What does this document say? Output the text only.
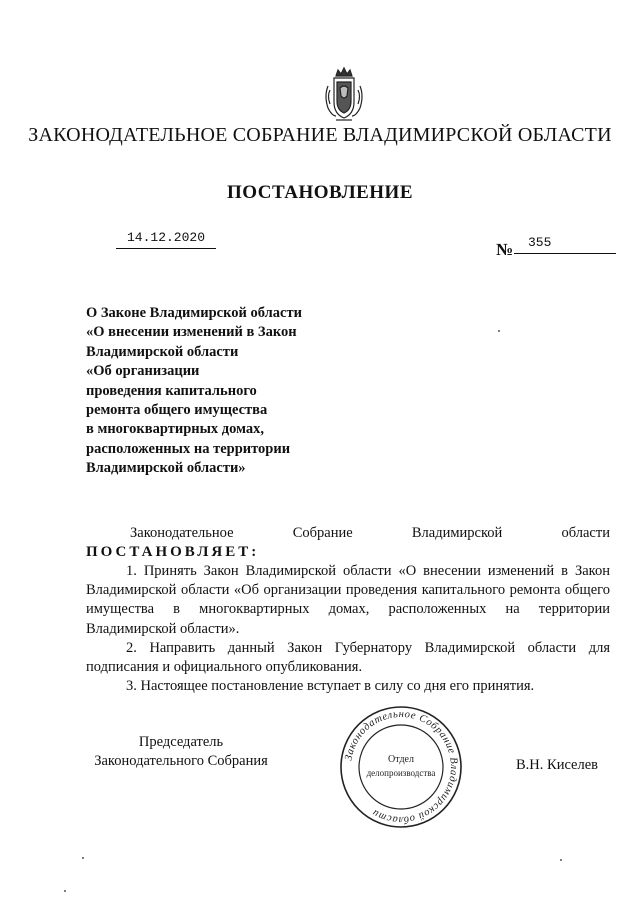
ЗАКОНОДАТЕЛЬНОЕ СОБРАНИЕ ВЛАДИМИРСКОЙ ОБЛАСТИ
ПОСТАНОВЛЕНИЕ
14.12.2020
№ 355
О Законе Владимирской области
«О внесении изменений в Закон
Владимирской области
«Об организации
проведения капитального
ремонта общего имущества
в многоквартирных домах,
расположенных на территории
Владимирской области»
Законодательное	Собрание	Владимирской	области
ПОСТАНОВЛЯЕТ:

1. Принять Закон Владимирской области «О внесении изменений в Закон Владимирской области «Об организации проведения капитального ремонта общего имущества в многоквартирных домах, расположенных на территории Владимирской области».

2. Направить данный Закон Губернатору Владимирской области для подписания и официального опубликования.

3. Настоящее постановление вступает в силу со дня его принятия.

Председатель
Законодательного Собрания	Законодательное Собрание Владимирской области
Отдел
делопроизводства	В.Н. Киселев
